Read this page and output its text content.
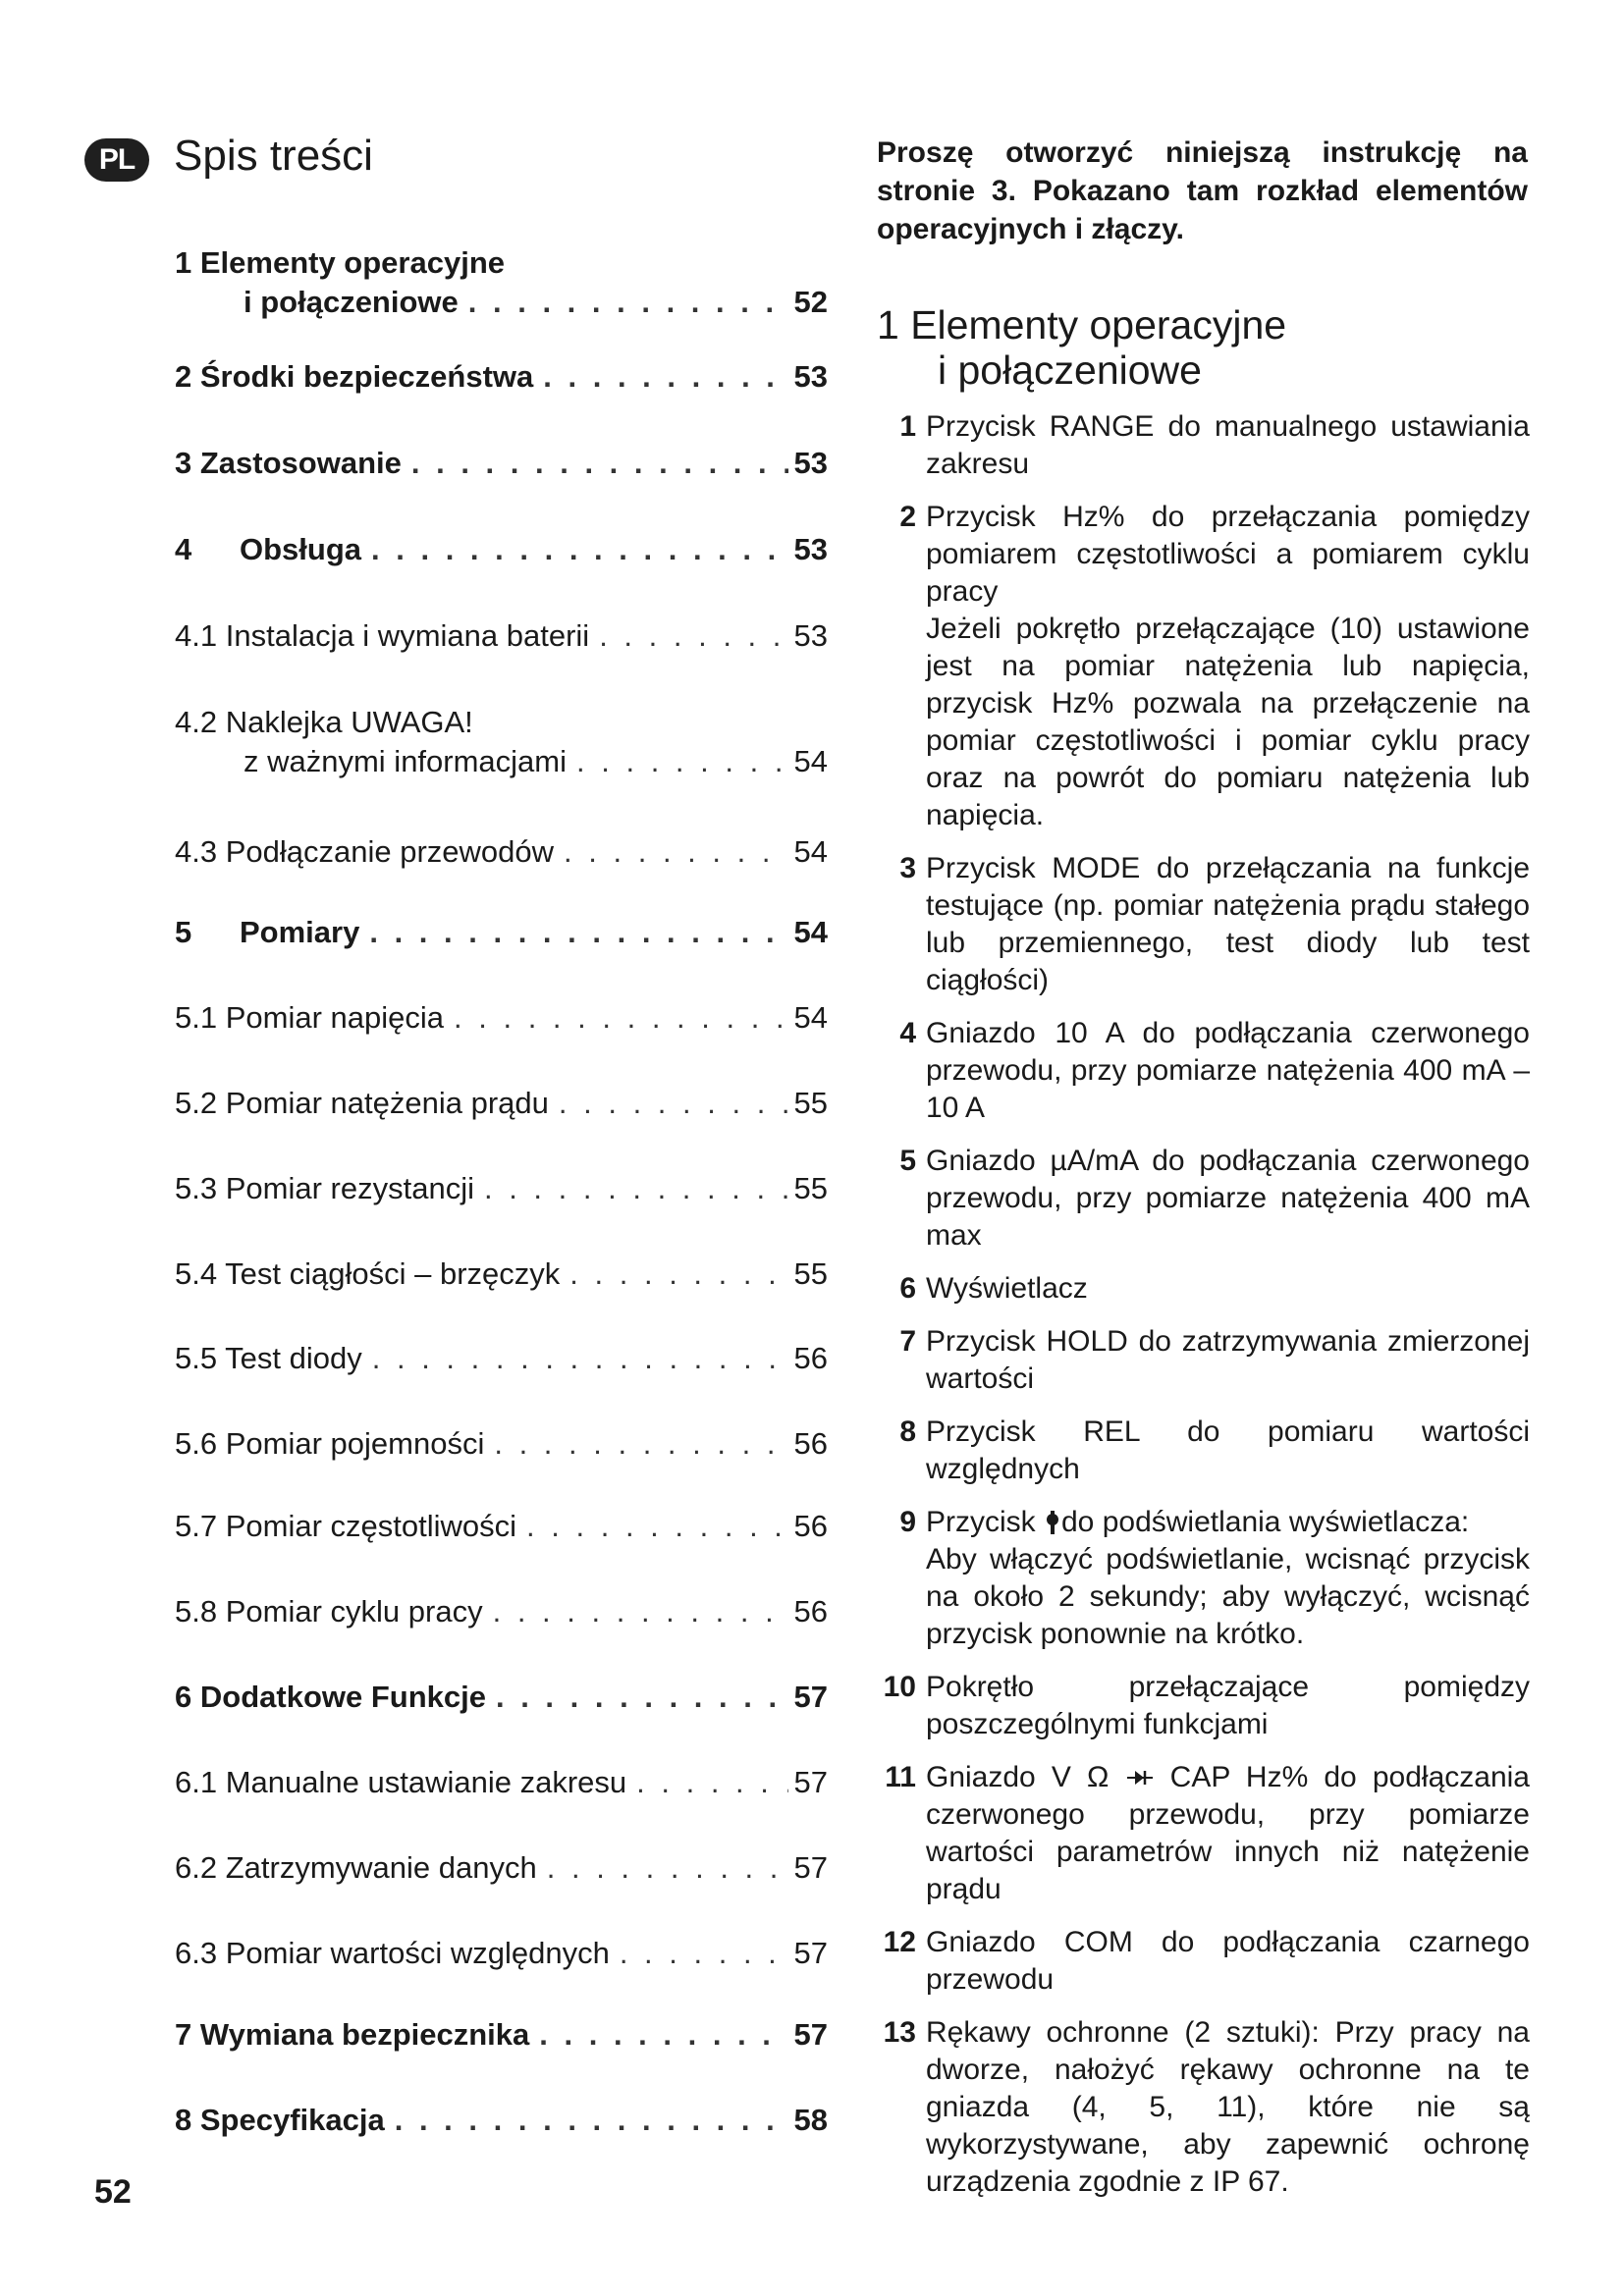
PL Spis treści
1 Elementy operacyjne
i połączeniowe . . .	52
2 Środki bezpieczeństwa . . .	53
3 Zastosowanie . . .	53
4 Obsługa . . .	53
4.1 Instalacja i wymiana baterii . . .	53
4.2 Naklejka UWAGA!
z ważnymi informacjami . . .	54
4.3 Podłączanie przewodów . . .	54
5 Pomiary . . .	54
5.1 Pomiar napięcia . . .	54
5.2 Pomiar natężenia prądu . . .	55
5.3 Pomiar rezystancji . . .	55
5.4 Test ciągłości – brzęczyk . . .	55
5.5 Test diody . . .	56
5.6 Pomiar pojemności . . .	56
5.7 Pomiar częstotliwości . . .	56
5.8 Pomiar cyklu pracy . . .	56
6 Dodatkowe Funkcje . . .	57
6.1 Manualne ustawianie zakresu . . .	57
6.2 Zatrzymywanie danych . . .	57
6.3 Pomiar wartości względnych . . .	57
7 Wymiana bezpiecznika . . .	57
8 Specyfikacja . . .	58
52

Proszę otworzyć niniejszą instrukcję na stronie 3. Pokazano tam rozkład elementów operacyjnych i złączy.

1 Elementy operacyjne
i połączeniowe
1 Przycisk RANGE do manualnego ustawiania zakresu

2 Przycisk Hz% do przełączania pomiędzy pomiarem częstotliwości a pomiarem cyklu pracy

Jeżeli pokrętło przełączające (10) ustawione jest na pomiar natężenia lub napięcia, przycisk Hz% pozwala na przełączenie na pomiar częstotliwości i pomiar cyklu pracy oraz na powrót do pomiaru natężenia lub napięcia.

3 Przycisk MODE do przełączania na funkcje testujące (np. pomiar natężenia prądu stałego lub przemiennego, test diody lub test ciągłości)

4 Gniazdo 10 A do podłączania czerwonego przewodu, przy pomiarze natężenia 400 mA – 10 A

5 Gniazdo µA/mA do podłączania czerwonego przewodu, przy pomiarze natężenia 400 mA max

6 Wyświetlacz

7 Przycisk HOLD do zatrzymywania zmierzonej wartości

8 Przycisk REL do pomiaru wartości względnych

9 Przycisk do podświetlania wyświetlacza:

Aby włączyć podświetlanie, wcisnąć przycisk na około 2 sekundy; aby wyłączyć, wcisnąć przycisk ponownie na krótko.

10 Pokrętło przełączające pomiędzy poszczególnymi funkcjami

11 Gniazdo V Ω  CAP Hz% do podłączania czerwonego przewodu, przy pomiarze wartości parametrów innych niż natężenie prądu

12 Gniazdo COM do podłączania czarnego przewodu

13 Rękawy ochronne (2 sztuki): Przy pracy na dworze, nałożyć rękawy ochronne na te gniazda (4, 5, 11), które nie są wykorzystywane, aby zapewnić ochronę urządzenia zgodnie z IP 67.
